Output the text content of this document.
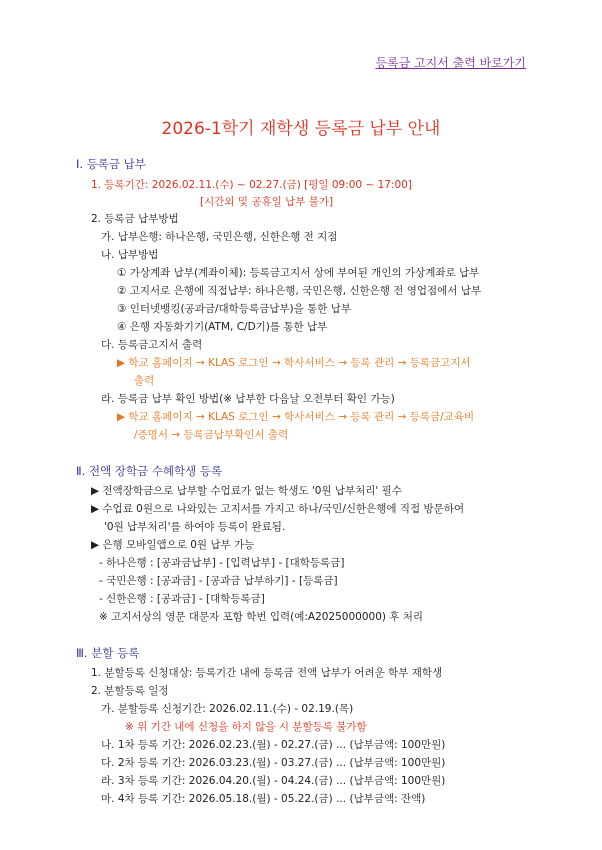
등록금 고지서 출력 바로가기
2026-1학기 재학생 등록금 납부 안내
Ⅰ. 등록금 납부
1. 등록기간: 2026.02.11.(수) ~ 02.27.(금) [평일 09:00 ~ 17:00]
[시간외 및 공휴일 납부 불가]
2. 등록금 납부방법
가. 납부은행: 하나은행, 국민은행, 신한은행 전 지점
나. 납부방법
① 가상계좌 납부(계좌이체): 등록금고지서 상에 부여된 개인의 가상계좌로 납부
② 고지서로 은행에 직접납부: 하나은행, 국민은행, 신한은행 전 영업점에서 납부
③ 인터넷뱅킹(공과금/대학등록금납부)을 통한 납부
④ 은행 자동화기기(ATM, C/D기)를 통한 납부
다. 등록금고지서 출력
▶ 학교 홈페이지 → KLAS 로그인 → 학사서비스 → 등록 관리 → 등록금고지서
출력
라. 등록금 납부 확인 방법(※ 납부한 다음날 오전부터 확인 가능)
▶ 학교 홈페이지 → KLAS 로그인 → 학사서비스 → 등록 관리 → 등록금/교육비
/증명서 → 등록금납부확인서 출력
Ⅱ. 전액 장학금 수혜학생 등록
▶ 전액장학금으로 납부할 수업료가 없는 학생도 '0원 납부처리' 필수
▶ 수업료 0원으로 나와있는 고지서를 가지고 하나/국민/신한은행에 직접 방문하여
'0원 납부처리'를 하여야 등록이 완료됨.
▶ 은행 모바일앱으로 0원 납부 가능
- 하나은행 : [공과금납부] - [입력납부] - [대학등록금]
- 국민은행 : [공과금] - [공과금 납부하기] - [등록금]
- 신한은행 : [공과금] - [대학등록금]
※ 고지서상의 영문 대문자 포함 학번 입력(예:A2025000000) 후 처리
Ⅲ. 분할 등록
1. 분할등록 신청대상: 등록기간 내에 등록금 전액 납부가 어려운 학부 재학생
2. 분할등록 일정
가. 분할등록 신청기간: 2026.02.11.(수) - 02.19.(목)
※ 위 기간 내에 신청을 하지 않을 시 분할등록 불가함
나. 1차 등록 기간: 2026.02.23.(월) - 02.27.(금) ... (납부금액: 100만원)
다. 2차 등록 기간: 2026.03.23.(월) - 03.27.(금) ... (납부금액: 100만원)
라. 3차 등록 기간: 2026.04.20.(월) - 04.24.(금) ... (납부금액: 100만원)
마. 4차 등록 기간: 2026.05.18.(월) - 05.22.(금) ... (납부금액: 잔액)
